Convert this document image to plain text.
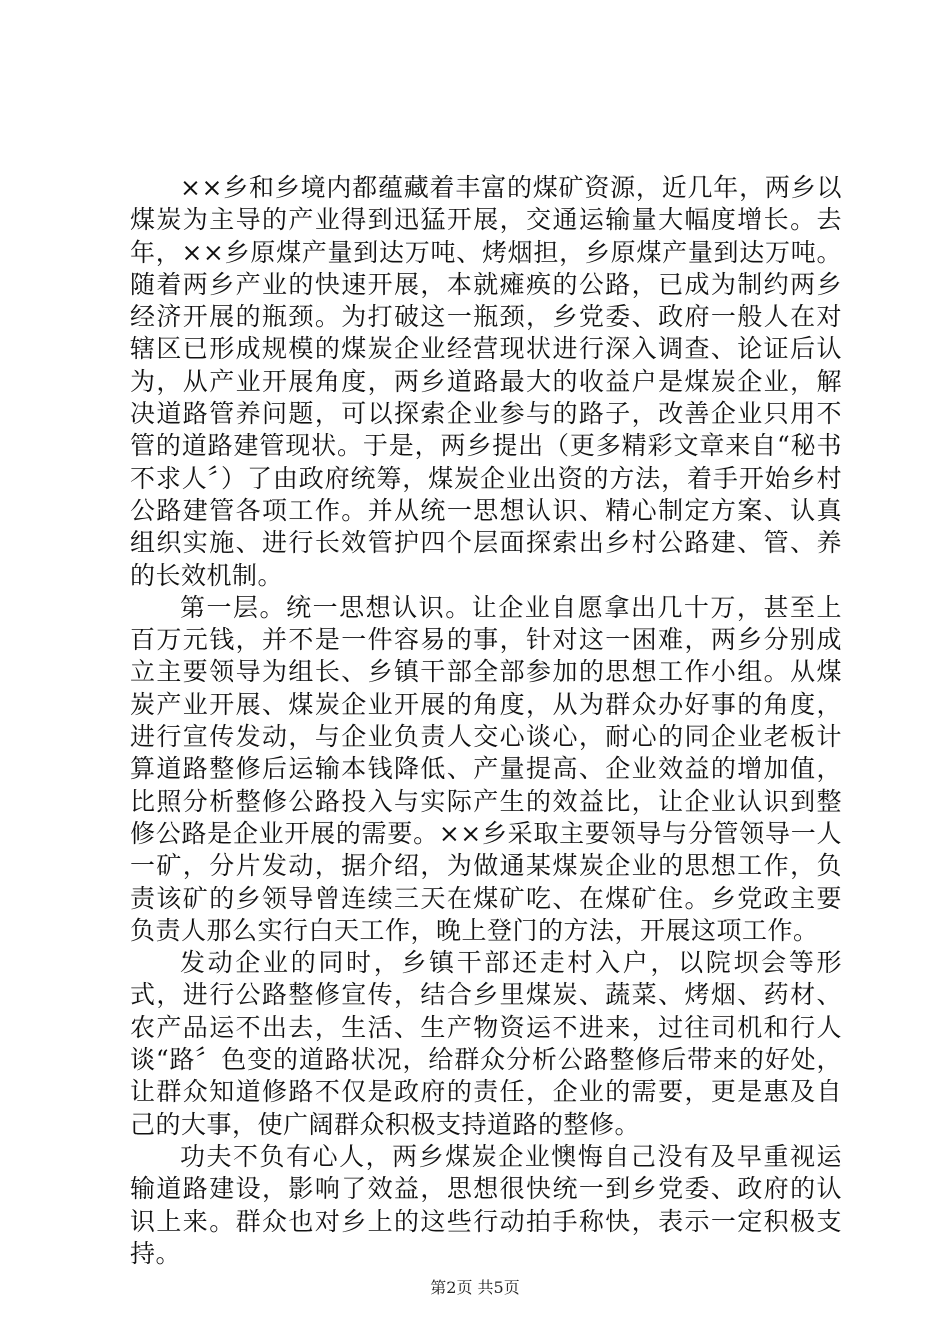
××乡和乡境内都蕴藏着丰富的煤矿资源，近几年，两乡以煤炭为主导的产业得到迅猛开展，交通运输量大幅度增长。去年，××乡原煤产量到达万吨、烤烟担，乡原煤产量到达万吨。随着两乡产业的快速开展，本就瘫痪的公路，已成为制约两乡经济开展的瓶颈。为打破这一瓶颈，乡党委、政府一般人在对辖区已形成规模的煤炭企业经营现状进行深入调查、论证后认为，从产业开展角度，两乡道路最大的收益户是煤炭企业，解决道路管养问题，可以探索企业参与的路子，改善企业只用不管的道路建管现状。于是，两乡提出（更多精彩文章来自“秘书不求人〞）了由政府统筹，煤炭企业出资的方法，着手开始乡村公路建管各项工作。并从统一思想认识、精心制定方案、认真组织实施、进行长效管护四个层面探索出乡村公路建、管、养的长效机制。

第一层。统一思想认识。让企业自愿拿出几十万，甚至上百万元钱，并不是一件容易的事，针对这一困难，两乡分别成立主要领导为组长、乡镇干部全部参加的思想工作小组。从煤炭产业开展、煤炭企业开展的角度，从为群众办好事的角度，进行宣传发动，与企业负责人交心谈心，耐心的同企业老板计算道路整修后运输本钱降低、产量提高、企业效益的增加值，比照分析整修公路投入与实际产生的效益比，让企业认识到整修公路是企业开展的需要。××乡采取主要领导与分管领导一人一矿，分片发动，据介绍，为做通某煤炭企业的思想工作，负责该矿的乡领导曾连续三天在煤矿吃、在煤矿住。乡党政主要负责人那么实行白天工作，晚上登门的方法，开展这项工作。

发动企业的同时，乡镇干部还走村入户，以院坝会等形式，进行公路整修宣传，结合乡里煤炭、蔬菜、烤烟、药材、农产品运不出去，生活、生产物资运不进来，过往司机和行人谈“路〞色变的道路状况，给群众分析公路整修后带来的好处，让群众知道修路不仅是政府的责任，企业的需要，更是惠及自己的大事，使广阔群众积极支持道路的整修。

功夫不负有心人，两乡煤炭企业懊悔自己没有及早重视运输道路建设，影响了效益，思想很快统一到乡党委、政府的认识上来。群众也对乡上的这些行动拍手称快，表示一定积极支持。

第2页 共5页
